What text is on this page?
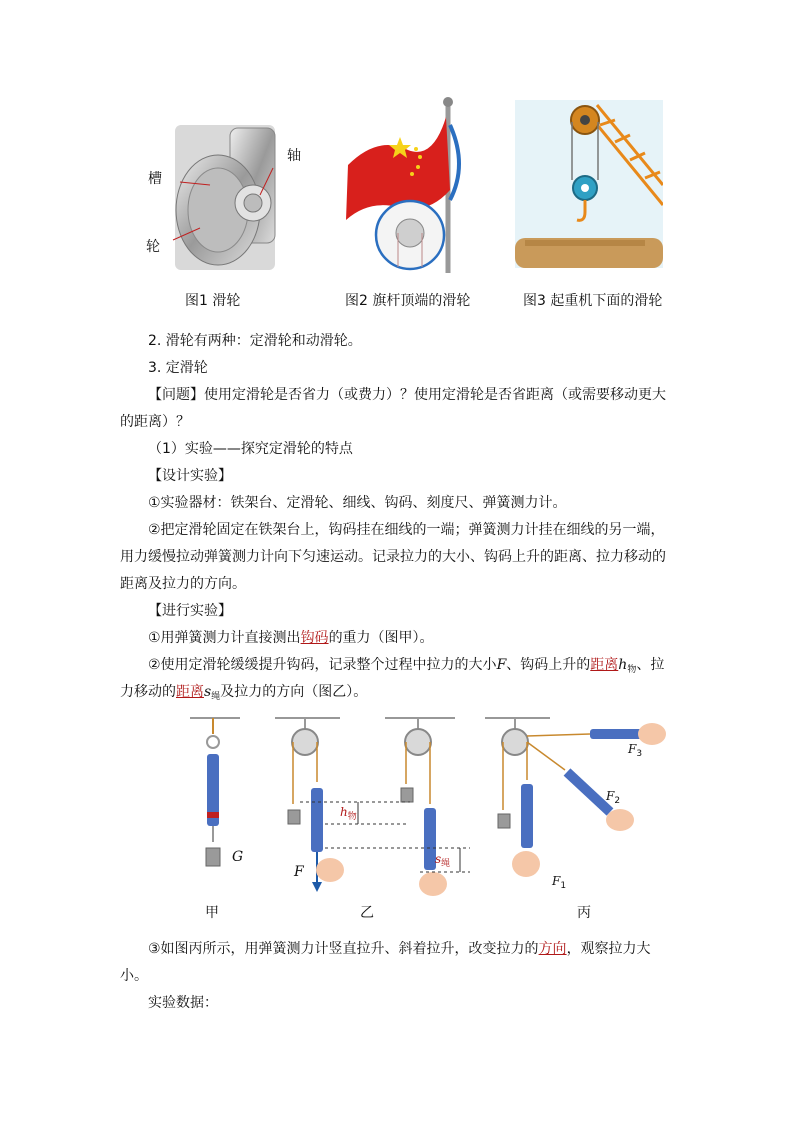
槽
轴
轮
图1 滑轮	图2 旗杆顶端的滑轮	图3 起重机下面的滑轮
2. 滑轮有两种：定滑轮和动滑轮。
3. 定滑轮
【问题】使用定滑轮是否省力（或费力）？使用定滑轮是否省距离（或需要移动更大
的距离）？
（1）实验——探究定滑轮的特点
【设计实验】
①实验器材：铁架台、定滑轮、细线、钩码、刻度尺、弹簧测力计。
②把定滑轮固定在铁架台上，钩码挂在细线的一端；弹簧测力计挂在细线的另一端，
用力缓慢拉动弹簧测力计向下匀速运动。记录拉力的大小、钩码上升的距离、拉力移动的
距离及拉力的方向。
【进行实验】
①用弹簧测力计直接测出钩码的重力（图甲）。
②使用定滑轮缓缓提升钩码，记录整个过程中拉力的大小F、钩码上升的距离$h_物$、拉
力移动的距离$s_绳$及拉力的方向（图乙）。
G
F
$h_物$
$s_绳$
$F_1$
$F_2$
$F_3$
甲	乙	丙
③如图丙所示，用弹簧测力计竖直拉升、斜着拉升，改变拉力的方向，观察拉力大
小。
实验数据：
